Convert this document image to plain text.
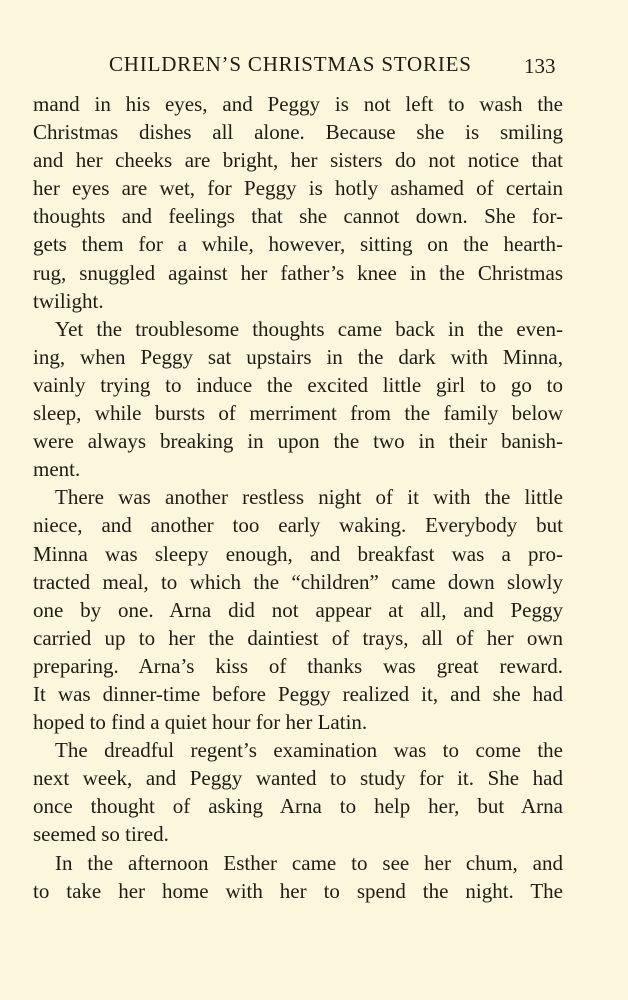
CHILDREN’S CHRISTMAS STORIES 133
mand in his eyes, and Peggy is not left to wash the
Christmas dishes all alone. Because she is smiling
and her cheeks are bright, her sisters do not notice that
her eyes are wet, for Peggy is hotly ashamed of certain
thoughts and feelings that she cannot down. She for-
gets them for a while, however, sitting on the hearth-
rug, snuggled against her father’s knee in the Christmas
twilight.
Yet the troublesome thoughts came back in the even-
ing, when Peggy sat upstairs in the dark with Minna,
vainly trying to induce the excited little girl to go to
sleep, while bursts of merriment from the family below
were always breaking in upon the two in their banish-
ment.
There was another restless night of it with the little
niece, and another too early waking. Everybody but
Minna was sleepy enough, and breakfast was a pro-
tracted meal, to which the “children” came down slowly
one by one. Arna did not appear at all, and Peggy
carried up to her the daintiest of trays, all of her own
preparing. Arna’s kiss of thanks was great reward.
It was dinner-time before Peggy realized it, and she had
hoped to find a quiet hour for her Latin.
The dreadful regent’s examination was to come the
next week, and Peggy wanted to study for it. She had
once thought of asking Arna to help her, but Arna
seemed so tired.
In the afternoon Esther came to see her chum, and
to take her home with her to spend the night. The
